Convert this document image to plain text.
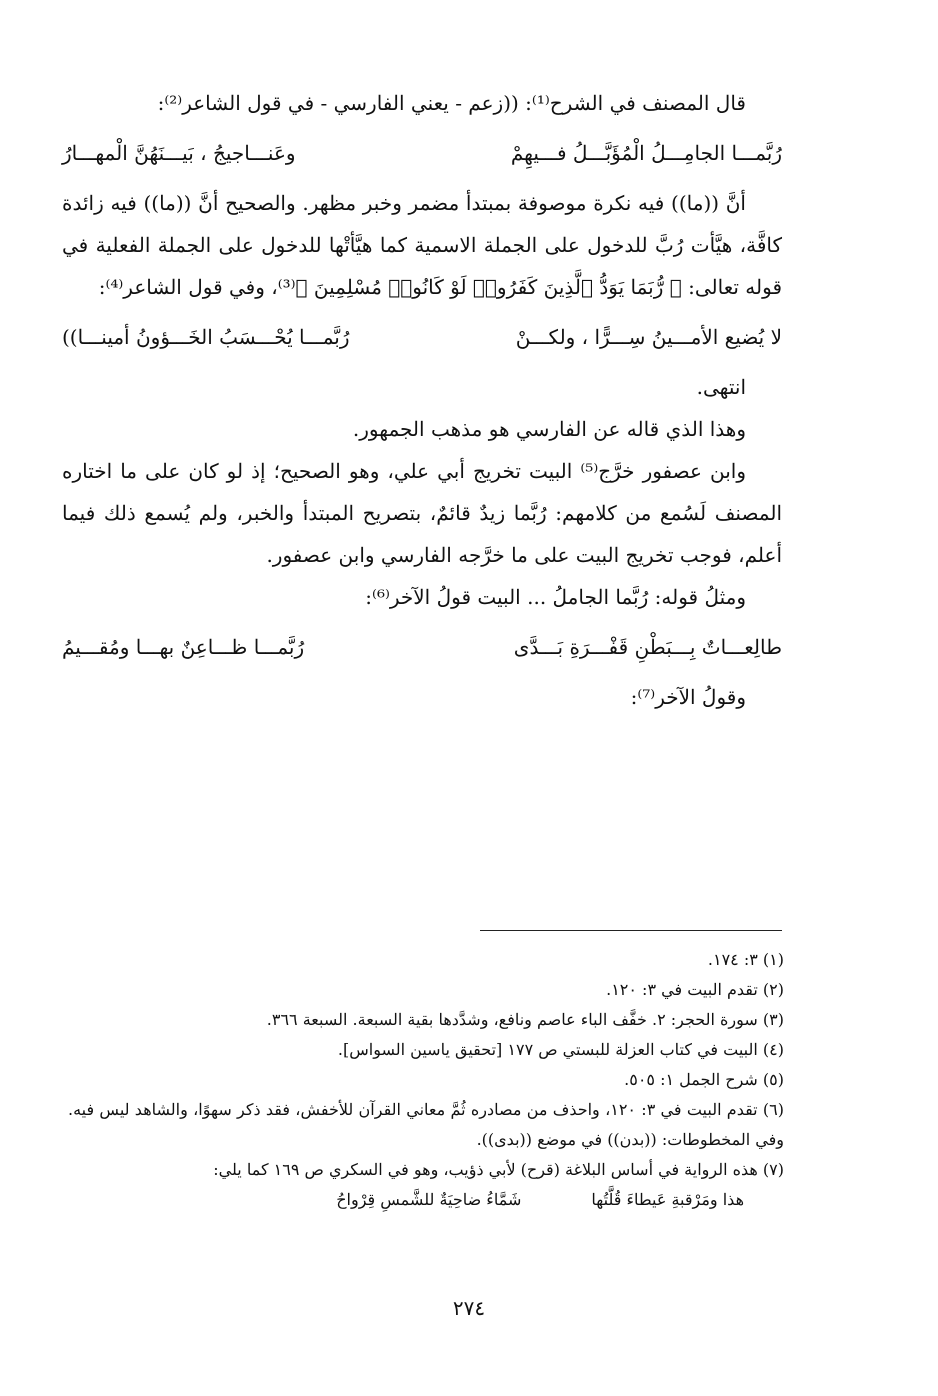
قال المصنف في الشرح⁽¹⁾: ((زعم - يعني الفارسي - في قول الشاعر⁽²⁾:

رُبَّمـــا الجامِـــلُ الْمُؤَبَّـــلُ فـــيهِمْ
وعَنـــاجيجُ ، بَيـــنَهُنَّ الْمهـــارُ

أنَّ ((ما)) فيه نكرة موصوفة بمبتدأ مضمر وخبر مظهر. والصحيح أنَّ ((ما)) فيه زائدة كافَّة، هيَّأت رُبَّ للدخول على الجملة الاسمية كما هيَّأتْها للدخول على الجملة الفعلية في قوله تعالى: ﴿ رُّبَمَا يَوَدُّ ٱلَّذِينَ كَفَرُوا۟ لَوْ كَانُوا۟ مُسْلِمِينَ ﴾⁽³⁾، وفي قول الشاعر⁽⁴⁾:

لا يُضيع الأمـــينُ سِـــرًّا ، ولكـــنْ
رُبَّمـــا يُحْـــسَبُ الخَـــؤونُ أمينـــا))

انتهى.

وهذا الذي قاله عن الفارسي هو مذهب الجمهور.

وابن عصفور خرَّج⁽⁵⁾ البيت تخريج أبي علي، وهو الصحيح؛ إذ لو كان على ما اختاره المصنف لَسُمع من كلامهم: رُبَّما زيدٌ قائمٌ، بتصريح المبتدأ والخبر، ولم يُسمع ذلك فيما أعلم، فوجب تخريج البيت على ما خرَّجه الفارسي وابن عصفور.

ومثلُ قوله: رُبَّما الجاملُ ... البيت قولُ الآخر⁽⁶⁾:

طالِعـــاتٌ بِـــبَطْنِ قَفْـــرَةِ بَـــدَّى
رُبَّمـــا ظـــاعِنٌ بهـــا ومُقـــيمُ

وقولُ الآخر⁽⁷⁾:

(١) ٣: ١٧٤.

(٢) تقدم البيت في ٣: ١٢٠.

(٣) سورة الحجر: ٢. خفَّف الباء عاصم ونافع، وشدَّدها بقية السبعة. السبعة ٣٦٦.

(٤) البيت في كتاب العزلة للبستي ص ١٧٧ [تحقيق ياسين السواس].

(٥) شرح الجمل ١: ٥٠٥.

(٦) تقدم البيت في ٣: ١٢٠، واحذف من مصادره ثُمَّ معاني القرآن للأخفش، فقد ذكر سهوًا، والشاهد ليس فيه. وفي المخطوطات: ((بدن)) في موضع ((بدى)).

(٧) هذه الرواية في أساس البلاغة (قرح) لأبي ذؤيب، وهو في السكري ص ١٦٩ كما يلي:

هذا ومَرْقبةِ عَيطاءَ قُلَّتُها
شَمَّاءُ ضاحِيَةٌ للشَّمسِ قِرْواحُ
٢٧٤
